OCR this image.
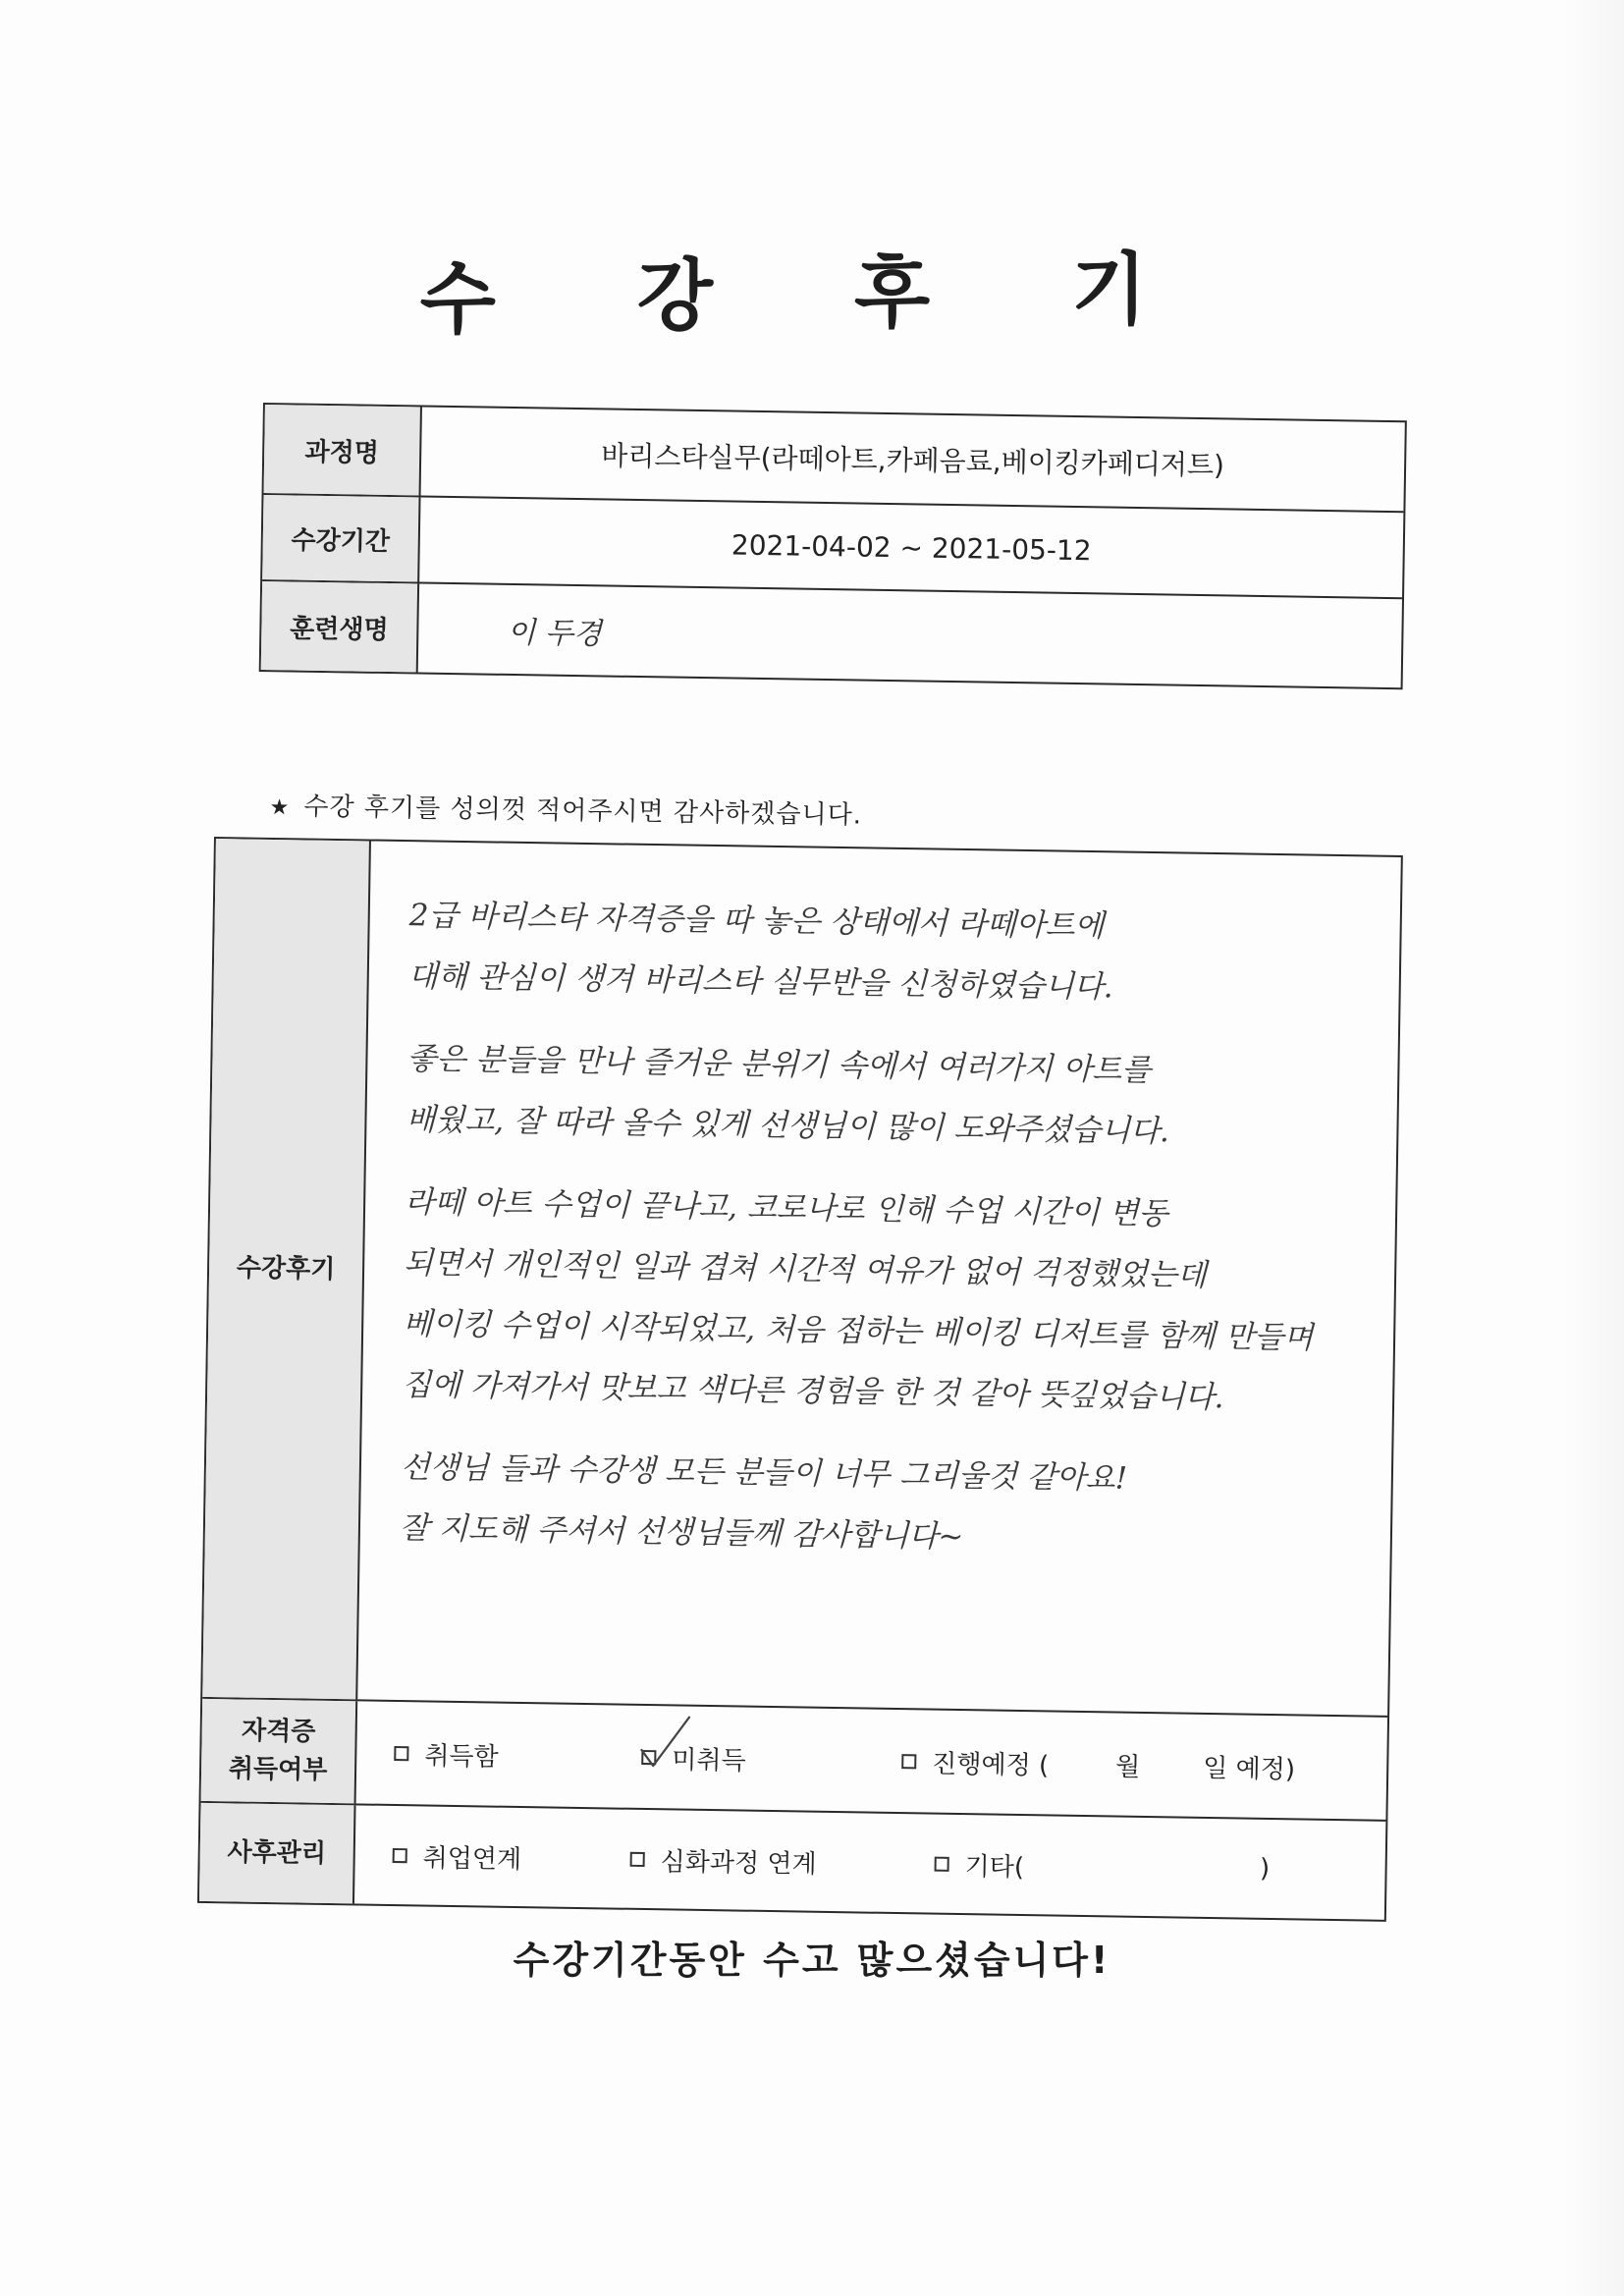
수 강 후 기
과정명	바리스타실무(라떼아트,카페음료,베이킹카페디저트)
수강기간	2021-04-02 ~ 2021-05-12
훈련생명	이 두경
★ 수강 후기를 성의껏 적어주시면 감사하겠습니다.
수강후기

2급 바리스타 자격증을 따 놓은 상태에서 라떼아트에

대해 관심이 생겨 바리스타 실무반을 신청하였습니다.

좋은 분들을 만나 즐거운 분위기 속에서 여러가지 아트를

배웠고, 잘 따라 올수 있게 선생님이 많이 도와주셨습니다.

라떼 아트 수업이 끝나고, 코로나로 인해 수업 시간이 변동

되면서 개인적인 일과 겹쳐 시간적 여유가 없어 걱정했었는데

베이킹 수업이 시작되었고, 처음 접하는 베이킹 디저트를 함께 만들며

집에 가져가서 맛보고 색다른 경험을 한 것 같아 뜻깊었습니다.

선생님 들과 수강생 모든 분들이 너무 그리울것 같아요!

잘 지도해 주셔서 선생님들께 감사합니다~

자격증
취득여부	취득함	미취득	진행예정 (	월 일 예정)
사후관리	취업연계	심화과정 연계	기타(	)
수강기간동안 수고 많으셨습니다!
